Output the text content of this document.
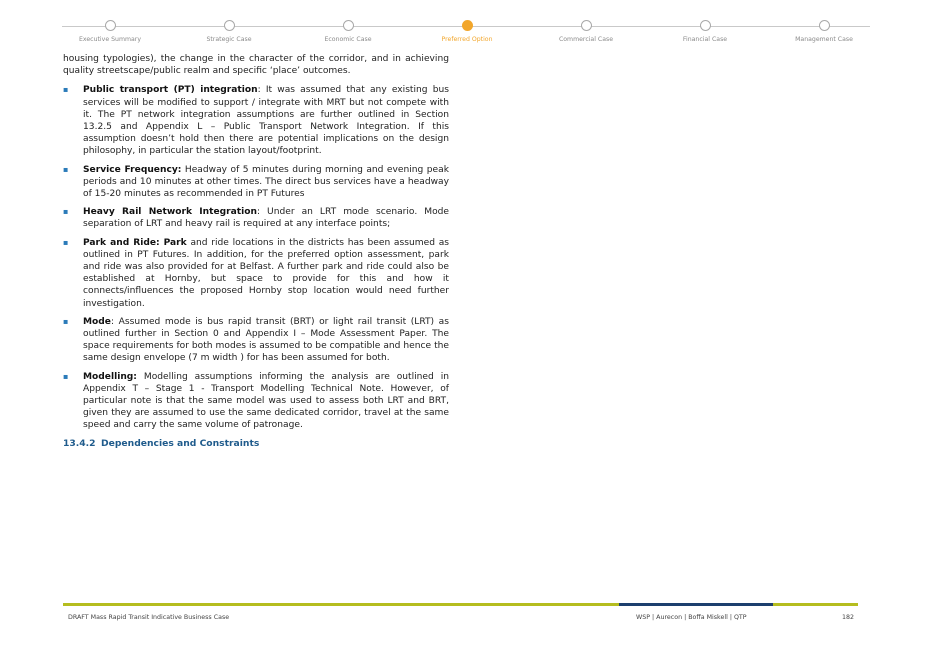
Executive Summary	Strategic Case	Economic Case	Preferred Option	Commercial Case	Financial Case	Management Case

housing typologies), the change in the character of the corridor, and in achieving quality streetscape/public realm and specific ‘place’ outcomes.

▪ Public transport (PT) integration: It was assumed that any existing bus services will be modified to support / integrate with MRT but not compete with it. The PT network integration assumptions are further outlined in Section 13.2.5 and Appendix L – Public Transport Network Integration. If this assumption doesn’t hold then there are potential implications on the design philosophy, in particular the station layout/footprint.
▪ Service Frequency: Headway of 5 minutes during morning and evening peak periods and 10 minutes at other times. The direct bus services have a headway of 15-20 minutes as recommended in PT Futures
▪ Heavy Rail Network Integration: Under an LRT mode scenario. Mode separation of LRT and heavy rail is required at any interface points;
▪ Park and Ride: Park and ride locations in the districts has been assumed as outlined in PT Futures. In addition, for the preferred option assessment, park and ride was also provided for at Belfast. A further park and ride could also be established at Hornby, but space to provide for this and how it connects/influences the proposed Hornby stop location would need further investigation.
▪ Mode: Assumed mode is bus rapid transit (BRT) or light rail transit (LRT) as outlined further in Section 0 and Appendix I – Mode Assessment Paper. The space requirements for both modes is assumed to be compatible and hence the same design envelope (7 m width ) for has been assumed for both.
▪ Modelling: Modelling assumptions informing the analysis are outlined in Appendix T – Stage 1 - Transport Modelling Technical Note. However, of particular note is that the same model was used to assess both LRT and BRT, given they are assumed to use the same dedicated corridor, travel at the same speed and carry the same volume of patronage.
13.4.2 Dependencies and Constraints
DRAFT Mass Rapid Transit Indicative Business Case	WSP | Aurecon | Boffa Miskell | QTP	182
